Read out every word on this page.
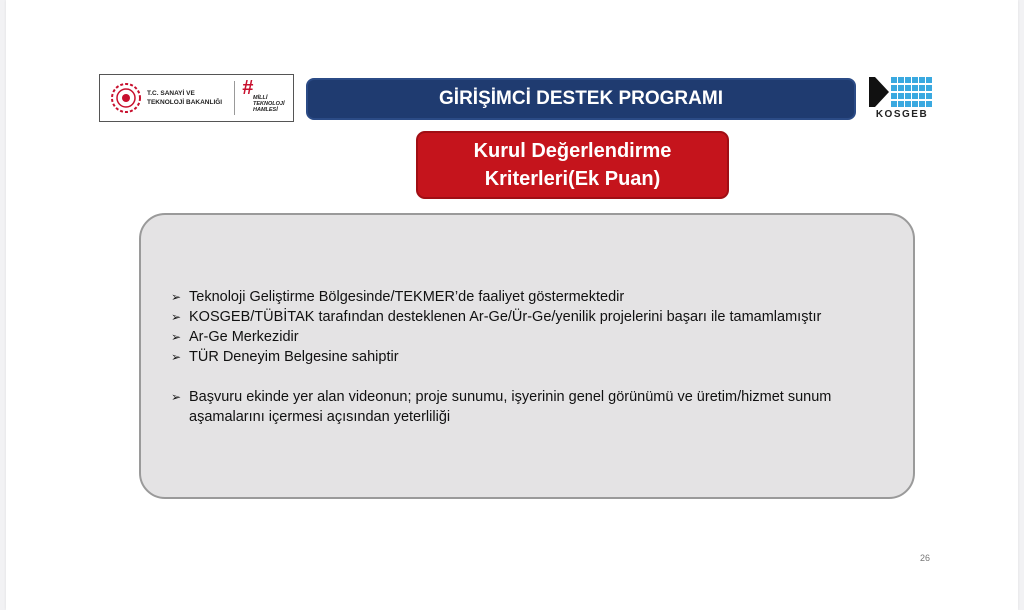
T.C. SANAYİ VE
TEKNOLOJİ BAKANLIĞI
# MİLLİ
TEKNOLOJİ
HAMLESİ
GİRİŞİMCİ DESTEK PROGRAMI
KOSGEB
Kurul Değerlendirme
Kriterleri(Ek Puan)
➢ Teknoloji Geliştirme Bölgesinde/TEKMER’de faaliyet göstermektedir
➢ KOSGEB/TÜBİTAK tarafından desteklenen Ar-Ge/Ür-Ge/yenilik projelerini başarı ile tamamlamıştır
➢ Ar-Ge Merkezidir
➢ TÜR Deneyim Belgesine sahiptir
➢ Başvuru ekinde yer alan videonun; proje sunumu, işyerinin genel görünümü ve üretim/hizmet sunum aşamalarını içermesi açısından yeterliliği
26
